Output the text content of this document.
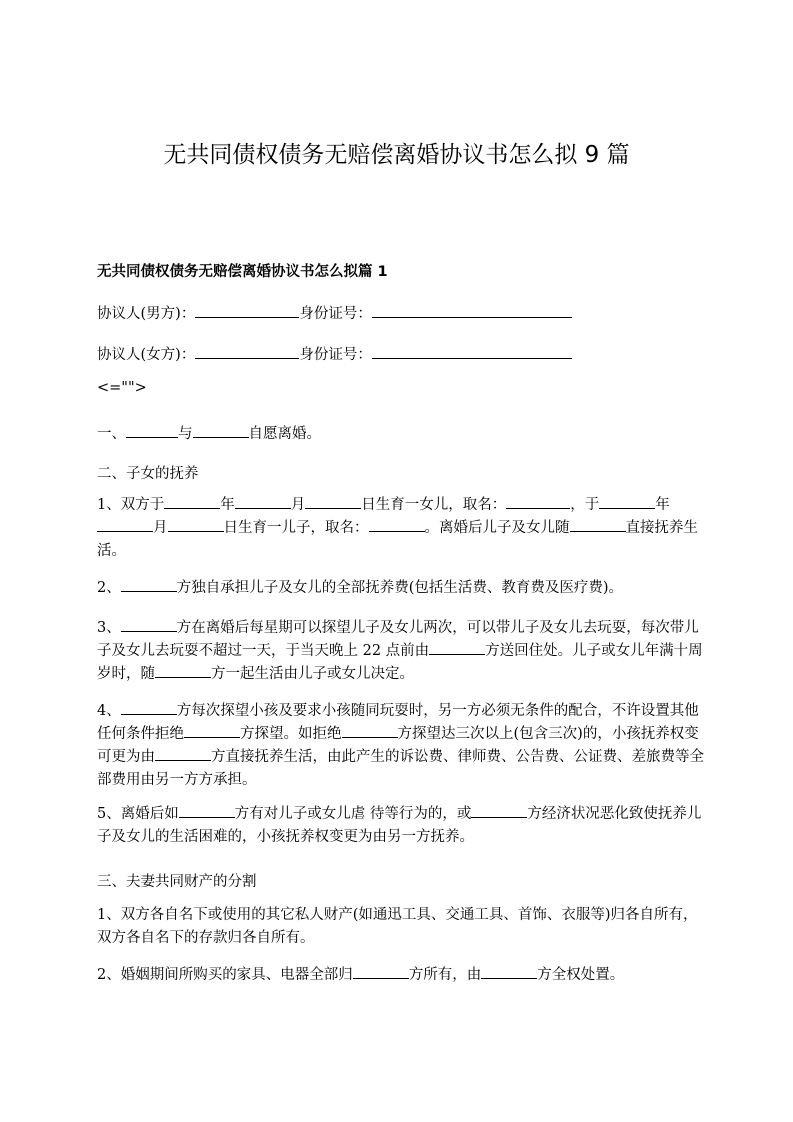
无共同债权债务无赔偿离婚协议书怎么拟 9 篇
无共同债权债务无赔偿离婚协议书怎么拟篇 1
协议人(男方)：	身份证号：
协议人(女方)：	身份证号：
<="">
一、	与	自愿离婚。
二、子女的抚养
1、双方于	年	月	日生育一女儿，取名：	，于	年月	日生育一儿子，取名：	。离婚后儿子及女儿随	直接抚养生活。
2、	方独自承担儿子及女儿的全部抚养费(包括生活费、教育费及医疗费)。
3、	方在离婚后每星期可以探望儿子及女儿两次，可以带儿子及女儿去玩耍，每次带儿子及女儿去玩耍不超过一天，于当天晚上 22 点前由	方送回住处。儿子或女儿年满十周岁时，随	方一起生活由儿子或女儿决定。
4、	方每次探望小孩及要求小孩随同玩耍时，另一方必须无条件的配合，不许设置其他任何条件拒绝	方探望。如拒绝	方探望达三次以上(包含三次)的，小孩抚养权变可更为由	方直接抚养生活，由此产生的诉讼费、律师费、公告费、公证费、差旅费等全部费用由另一方方承担。
5、离婚后如	方有对儿子或女儿虐 待等行为的，或	方经济状况恶化致使抚养儿子及女儿的生活困难的，小孩抚养权变更为由另一方抚养。
三、夫妻共同财产的分割
1、双方各自名下或使用的其它私人财产(如通迅工具、交通工具、首饰、衣服等)归各自所有，双方各自名下的存款归各自所有。
2、婚姻期间所购买的家具、电器全部归	方所有，由	方全权处置。
